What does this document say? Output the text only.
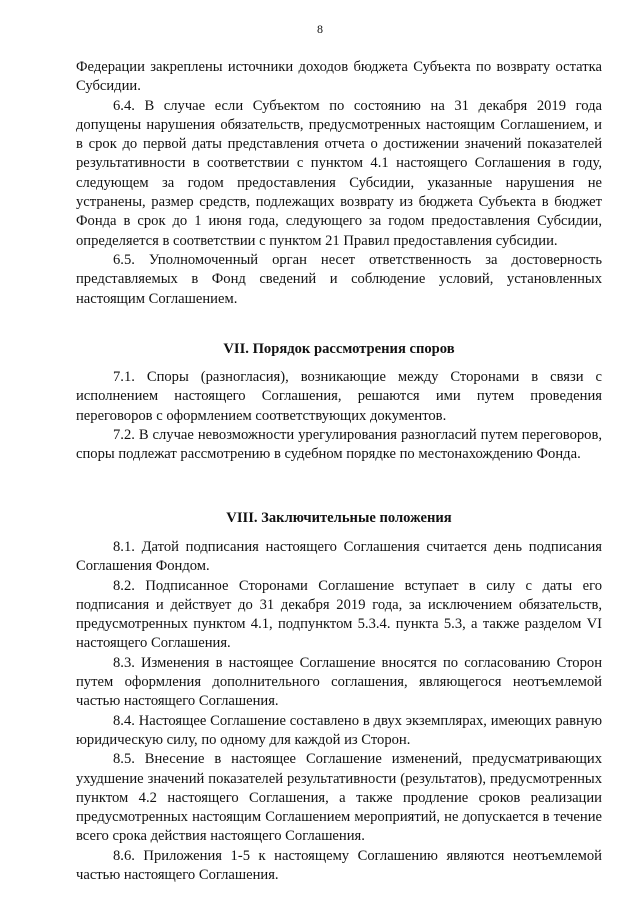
8

Федерации закреплены источники доходов бюджета Субъекта по возврату остатка Субсидии.

6.4. В случае если Субъектом по состоянию на 31 декабря 2019 года допущены нарушения обязательств, предусмотренных настоящим Соглашением, и в срок до первой даты представления отчета о достижении значений показателей результативности в соответствии с пунктом 4.1 настоящего Соглашения в году, следующем за годом предоставления Субсидии, указанные нарушения не устранены, размер средств, подлежащих возврату из бюджета Субъекта в бюджет Фонда в срок до 1 июня года, следующего за годом предоставления Субсидии, определяется в соответствии с пунктом 21 Правил предоставления субсидии.

6.5. Уполномоченный орган несет ответственность за достоверность представляемых в Фонд сведений и соблюдение условий, установленных настоящим Соглашением.

VII. Порядок рассмотрения споров

7.1. Споры (разногласия), возникающие между Сторонами в связи с исполнением настоящего Соглашения, решаются ими путем проведения переговоров с оформлением соответствующих документов.

7.2. В случае невозможности урегулирования разногласий путем переговоров, споры подлежат рассмотрению в судебном порядке по местонахождению Фонда.

VIII. Заключительные положения

8.1. Датой подписания настоящего Соглашения считается день подписания Соглашения Фондом.

8.2. Подписанное Сторонами Соглашение вступает в силу с даты его подписания и действует до 31 декабря 2019 года, за исключением обязательств, предусмотренных пунктом 4.1, подпунктом 5.3.4. пункта 5.3, а также разделом VI настоящего Соглашения.

8.3. Изменения в настоящее Соглашение вносятся по согласованию Сторон путем оформления дополнительного соглашения, являющегося неотъемлемой частью настоящего Соглашения.

8.4. Настоящее Соглашение составлено в двух экземплярах, имеющих равную юридическую силу, по одному для каждой из Сторон.

8.5. Внесение в настоящее Соглашение изменений, предусматривающих ухудшение значений показателей результативности (результатов), предусмотренных пунктом 4.2 настоящего Соглашения, а также продление сроков реализации предусмотренных настоящим Соглашением мероприятий, не допускается в течение всего срока действия настоящего Соглашения.

8.6. Приложения 1-5 к настоящему Соглашению являются неотъемлемой частью настоящего Соглашения.
